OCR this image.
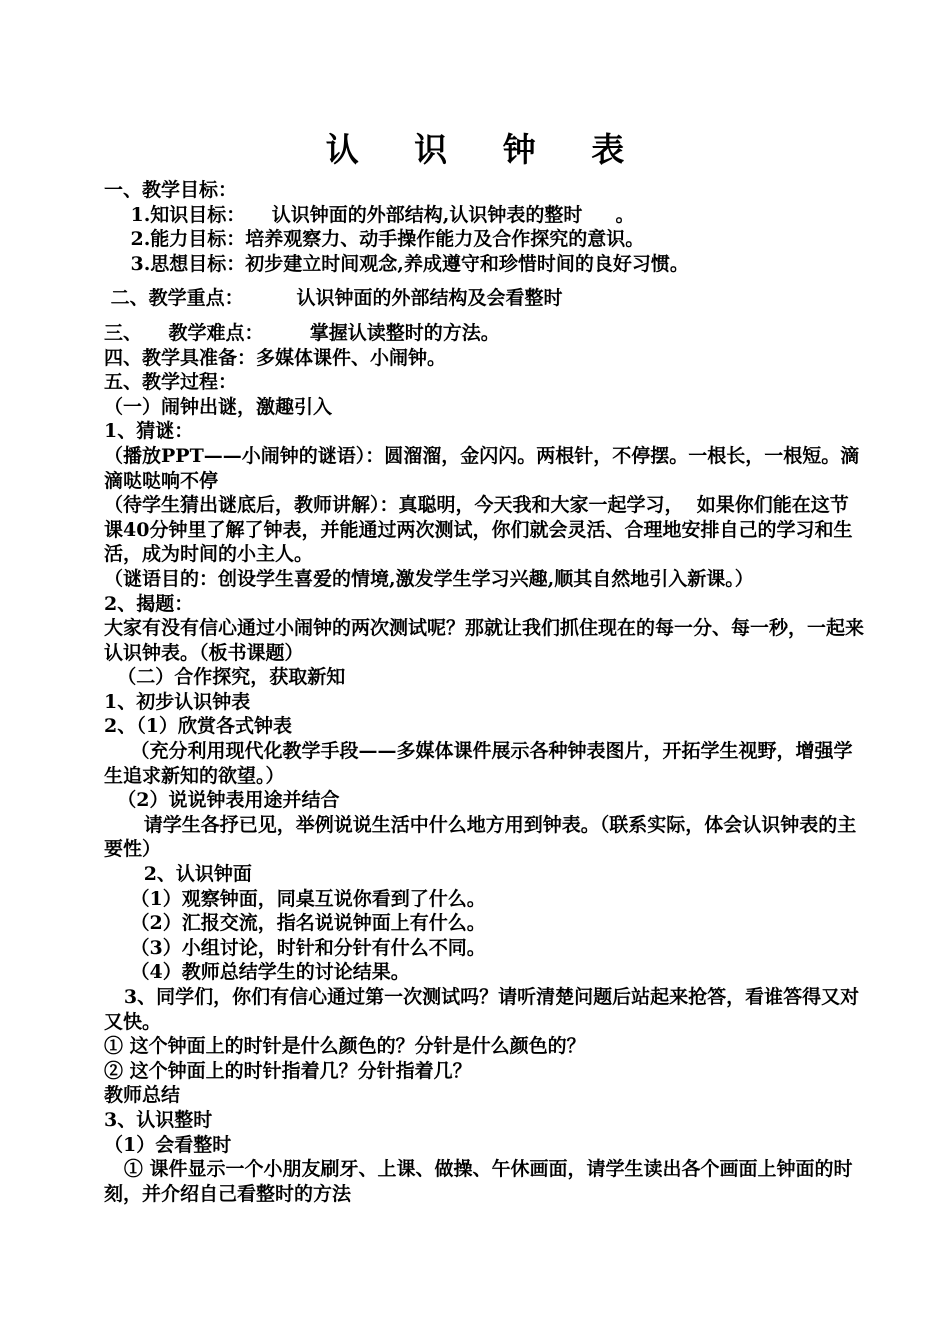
认 识 钟 表

一、教学目标：

1.知识目标：    认识钟面的外部结构,认识钟表的整时     。

2.能力目标：培养观察力、动手操作能力及合作探究的意识。

3.思想目标：初步建立时间观念,养成遵守和珍惜时间的良好习惯。

二、教学重点：        认识钟面的外部结构及会看整时

三、    教学难点：       掌握认读整时的方法。

四、教学具准备：多媒体课件、小闹钟。

五、教学过程：

（一）闹钟出谜，激趣引入

1、猜谜：

（播放PPT——小闹钟的谜语）：圆溜溜，金闪闪。两根针，不停摆。一根长，一根短。滴滴哒哒响不停

（待学生猜出谜底后，教师讲解）：真聪明，今天我和大家一起学习，  如果你们能在这节课40分钟里了解了钟表，并能通过两次测试，你们就会灵活、合理地安排自己的学习和生活，成为时间的小主人。

（谜语目的：创设学生喜爱的情境,激发学生学习兴趣,顺其自然地引入新课。）

2、揭题：

大家有没有信心通过小闹钟的两次测试呢？那就让我们抓住现在的每一分、每一秒，一起来认识钟表。（板书课题）

（二）合作探究，获取新知

1、初步认识钟表

2、（1）欣赏各式钟表

（充分利用现代化教学手段——多媒体课件展示各种钟表图片，开拓学生视野，增强学生追求新知的欲望。）

（2）说说钟表用途并结合

请学生各抒已见，举例说说生活中什么地方用到钟表。（联系实际，体会认识钟表的主要性）

2、认识钟面

（1）观察钟面，同桌互说你看到了什么。

（2）汇报交流，指名说说钟面上有什么。

（3）小组讨论，时针和分针有什么不同。

（4）教师总结学生的讨论结果。

3、同学们，你们有信心通过第一次测试吗？请听清楚问题后站起来抢答，看谁答得又对又快。

① 这个钟面上的时针是什么颜色的？分针是什么颜色的？

② 这个钟面上的时针指着几？分针指着几？

教师总结

3、认识整时

（1）会看整时

① 课件显示一个小朋友刷牙、上课、做操、午休画面，请学生读出各个画面上钟面的时刻，并介绍自己看整时的方法
